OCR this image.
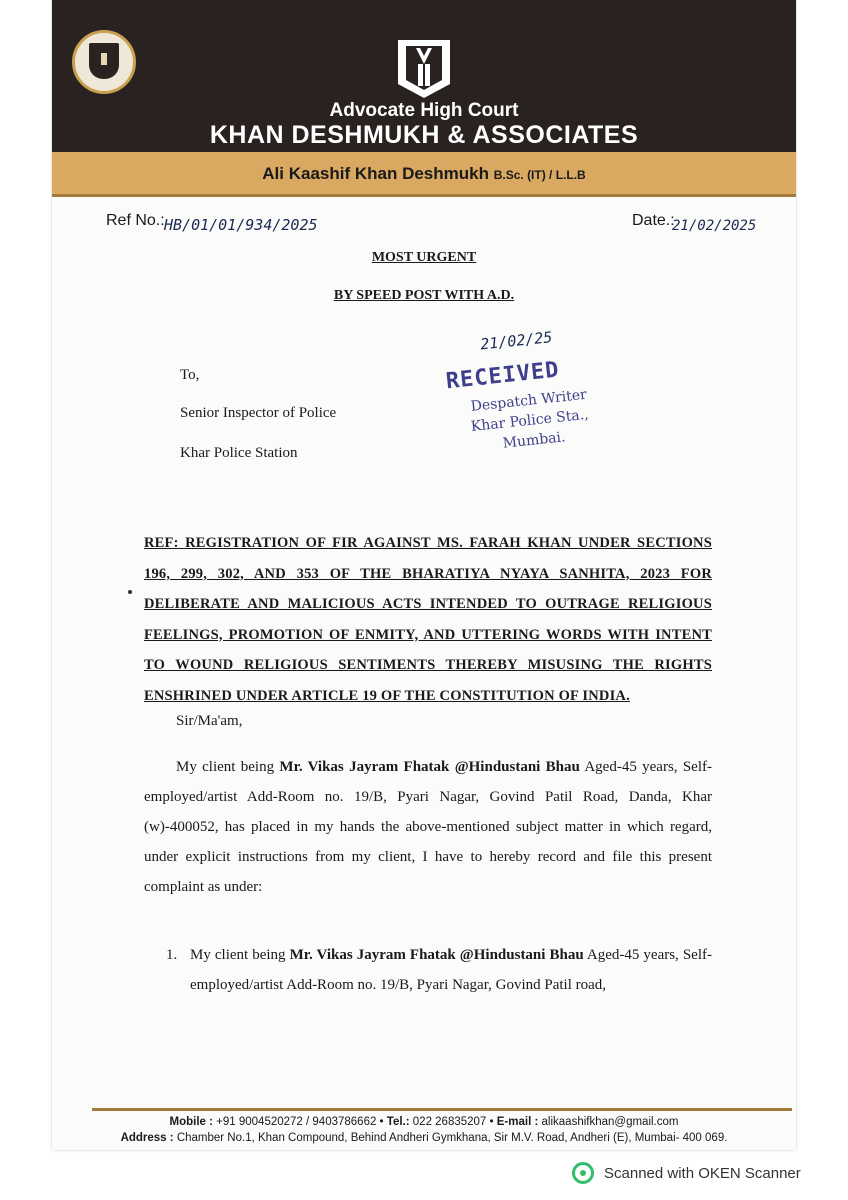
Advocate High Court
KHAN DESHMUKH & ASSOCIATES
Ali Kaashif Khan Deshmukh B.Sc. (IT) / L.L.B
Ref No.: HB/01/01/934/2025	Date.:
21/02/2025
MOST URGENT
BY SPEED POST WITH A.D.
To,
Senior Inspector of Police
Khar Police Station
21/02/25
RECEIVED
Despatch Writer
Khar Police Sta.,
Mumbai.
REF: REGISTRATION OF FIR AGAINST MS. FARAH KHAN UNDER SECTIONS 196, 299, 302, AND 353 OF THE BHARATIYA NYAYA SANHITA, 2023 FOR DELIBERATE AND MALICIOUS ACTS INTENDED TO OUTRAGE RELIGIOUS FEELINGS, PROMOTION OF ENMITY, AND UTTERING WORDS WITH INTENT TO WOUND RELIGIOUS SENTIMENTS THEREBY MISUSING THE RIGHTS ENSHRINED UNDER ARTICLE 19 OF THE CONSTITUTION OF INDIA.
Sir/Ma'am,
My client being Mr. Vikas Jayram Fhatak @Hindustani Bhau Aged-45 years, Self-employed/artist Add-Room no. 19/B, Pyari Nagar, Govind Patil Road, Danda, Khar (w)-400052, has placed in my hands the above-mentioned subject matter in which regard, under explicit instructions from my client, I have to hereby record and file this present complaint as under:
1. My client being Mr. Vikas Jayram Fhatak @Hindustani Bhau Aged-45 years, Self-employed/artist Add-Room no. 19/B, Pyari Nagar, Govind Patil road,
Mobile : +91 9004520272 / 9403786662 • Tel.: 022 26835207 • E-mail : alikaashifkhan@gmail.com
Address : Chamber No.1, Khan Compound, Behind Andheri Gymkhana, Sir M.V. Road, Andheri (E), Mumbai- 400 069.
Scanned with OKEN Scanner
